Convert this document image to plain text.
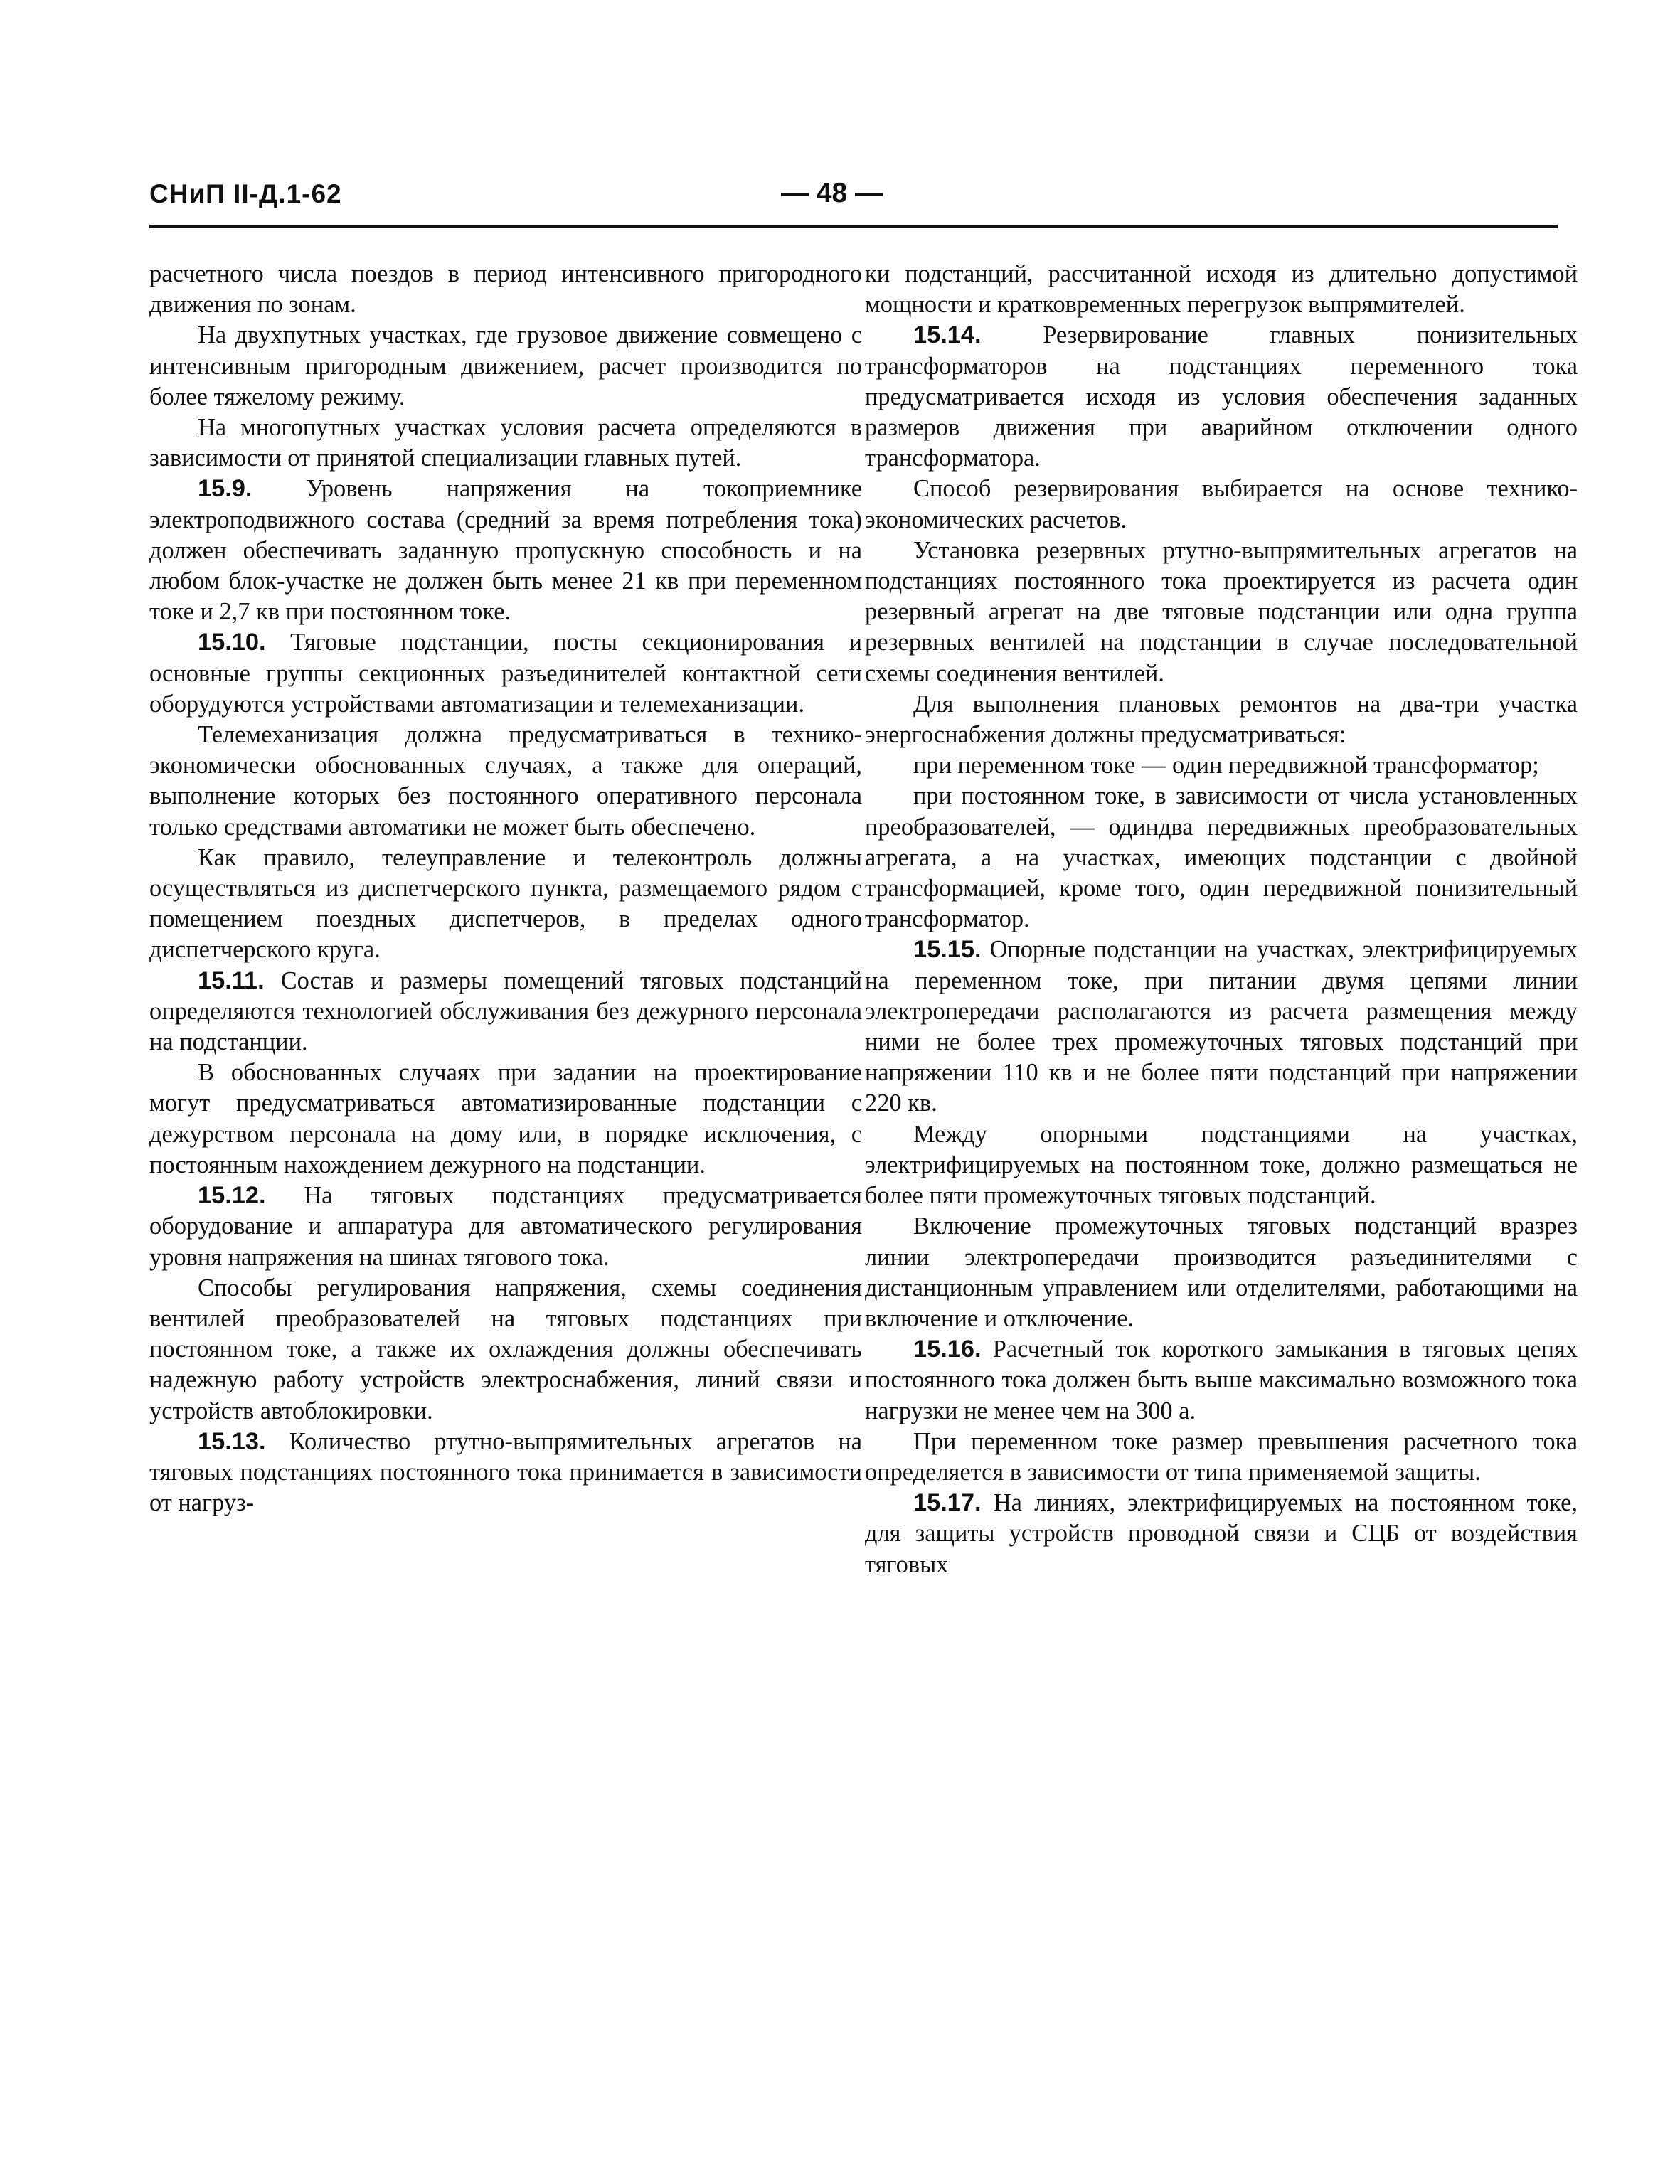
СНиП II-Д.1-62	— 48 —

расчетного числа поездов в период интенсивного пригородного движения по зонам.

На двухпутных участках, где грузовое движение совмещено с интенсивным пригородным движением, расчет производится по более тяжелому режиму.

На многопутных участках условия расчета определяются в зависимости от принятой специализации главных путей.

15.9. Уровень напряжения на токоприемнике электроподвижного состава (средний за время потребления тока) должен обеспечивать заданную пропускную способность и на любом блок-участке не должен быть менее 21 кв при переменном токе и 2,7 кв при постоянном токе.

15.10. Тяговые подстанции, посты секционирования и основные группы секционных разъединителей контактной сети оборудуются устройствами автоматизации и телемеханизации.

Телемеханизация должна предусматриваться в технико-экономически обоснованных случаях, а также для операций, выполнение которых без постоянного оперативного персонала только средствами автоматики не может быть обеспечено.

Как правило, телеуправление и телеконтроль должны осуществляться из диспетчерского пункта, размещаемого рядом с помещением поездных диспетчеров, в пределах одного диспетчерского круга.

15.11. Состав и размеры помещений тяговых подстанций определяются технологией обслуживания без дежурного персонала на подстанции.

В обоснованных случаях при задании на проектирование могут предусматриваться автоматизированные подстанции с дежурством персонала на дому или, в порядке исключения, с постоянным нахождением дежурного на подстанции.

15.12. На тяговых подстанциях предусматривается оборудование и аппаратура для автоматического регулирования уровня напряжения на шинах тягового тока.

Способы регулирования напряжения, схемы соединения вентилей преобразователей на тяговых подстанциях при постоянном токе, а также их охлаждения должны обеспечивать надежную работу устройств электроснабжения, линий связи и устройств автоблокировки.

15.13. Количество ртутно-выпрямительных агрегатов на тяговых подстанциях постоянного тока принимается в зависимости от нагруз-

ки подстанций, рассчитанной исходя из длительно допустимой мощности и кратковременных перегрузок выпрямителей.

15.14.	Резервирование главных понизительных трансформаторов на подстанциях переменного тока предусматривается исходя из условия обеспечения заданных размеров движения при аварийном отключении одного трансформатора.

Способ резервирования выбирается на основе технико-экономических расчетов.

Установка резервных ртутно-выпрямительных агрегатов на подстанциях постоянного тока проектируется из расчета один резервный агрегат на две тяговые подстанции или одна группа резервных вентилей на подстанции в случае последовательной схемы соединения вентилей.

Для выполнения плановых ремонтов на два-три участка энергоснабжения должны предусматриваться:

при переменном токе — один передвижной трансформатор;

при постоянном токе, в зависимости от числа установленных преобразователей, — одиндва передвижных преобразовательных агрегата, а на участках, имеющих подстанции с двойной трансформацией, кроме того, один передвижной понизительный трансформатор.

15.15. Опорные подстанции на участках, электрифицируемых на переменном токе, при питании двумя цепями линии электропередачи располагаются из расчета размещения между ними не более трех промежуточных тяговых подстанций при напряжении 110 кв и не более пяти подстанций при напряжении 220 кв.

Между опорными подстанциями на участках, электрифицируемых на постоянном токе, должно размещаться не более пяти промежуточных тяговых подстанций.

Включение промежуточных тяговых подстанций вразрез линии электропередачи производится разъединителями с дистанционным управлением или отделителями, работающими на включение и отключение.

15.16. Расчетный ток короткого замыкания в тяговых цепях постоянного тока должен быть выше максимально возможного тока нагрузки не менее чем на 300 а.

При переменном токе размер превышения расчетного тока определяется в зависимости от типа применяемой защиты.

15.17. На линиях, электрифицируемых на постоянном токе, для защиты устройств проводной связи и СЦБ от воздействия тяговых
